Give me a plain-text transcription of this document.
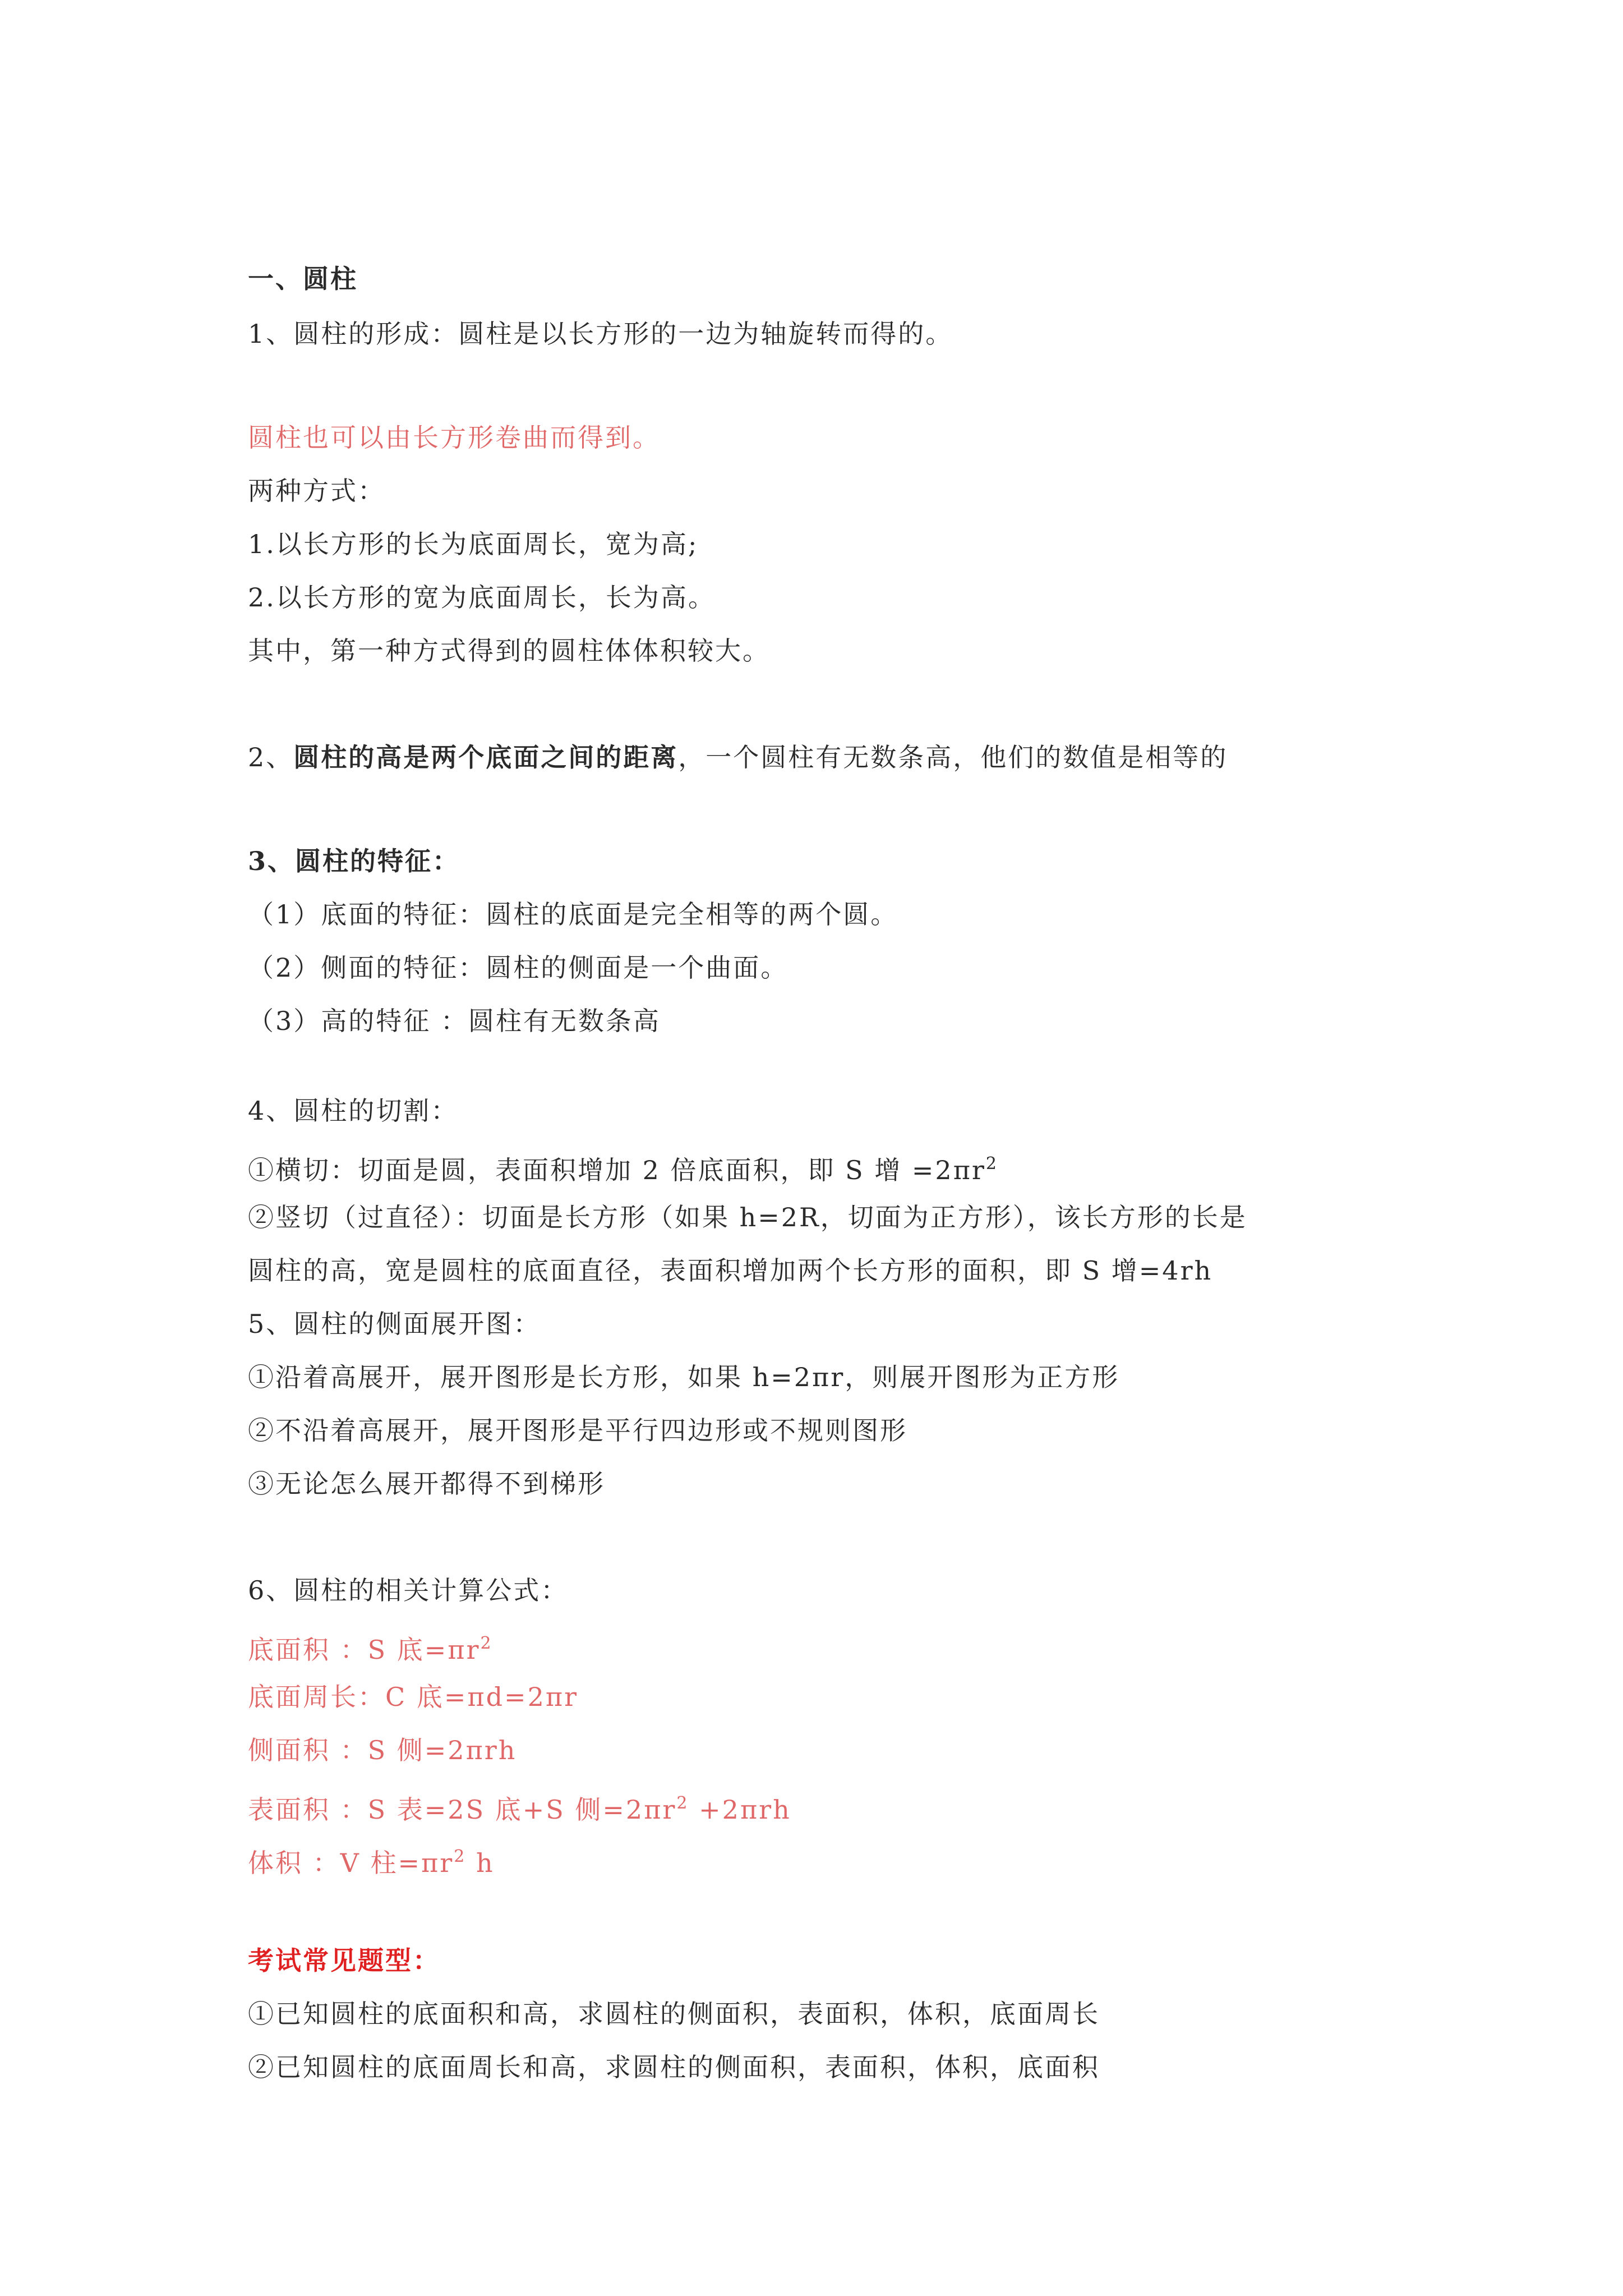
一、圆柱
1、圆柱的形成：圆柱是以长方形的一边为轴旋转而得的。
圆柱也可以由长方形卷曲而得到。
两种方式：
1.以长方形的长为底面周长，宽为高;
2.以长方形的宽为底面周长，长为高。
其中，第一种方式得到的圆柱体体积较大。
2、圆柱的高是两个底面之间的距离，一个圆柱有无数条高，他们的数值是相等的
3、圆柱的特征：
（1）底面的特征：圆柱的底面是完全相等的两个圆。
（2）侧面的特征：圆柱的侧面是一个曲面。
（3）高的特征 ：圆柱有无数条高
4、圆柱的切割：
①横切：切面是圆，表面积增加 2 倍底面积，即 S 增 $=2\pi r^2$
②竖切（过直径）：切面是长方形（如果 h=2R，切面为正方形），该长方形的长是
圆柱的高，宽是圆柱的底面直径，表面积增加两个长方形的面积，即 S 增=4rh
5、圆柱的侧面展开图：
①沿着高展开，展开图形是长方形，如果 h=2πr，则展开图形为正方形
②不沿着高展开，展开图形是平行四边形或不规则图形
③无论怎么展开都得不到梯形
6、圆柱的相关计算公式：
底面积 ：S 底$=\pi r^2$
底面周长：C 底=πd=2πr
侧面积 ：S 侧=2πrh
表面积 ：S 表=2S 底+S 侧$=2\pi r^2 +2\pi rh$
体积 ：V 柱$=\pi r^2$ h
考试常见题型：
①已知圆柱的底面积和高，求圆柱的侧面积，表面积，体积，底面周长
②已知圆柱的底面周长和高，求圆柱的侧面积，表面积，体积，底面积
